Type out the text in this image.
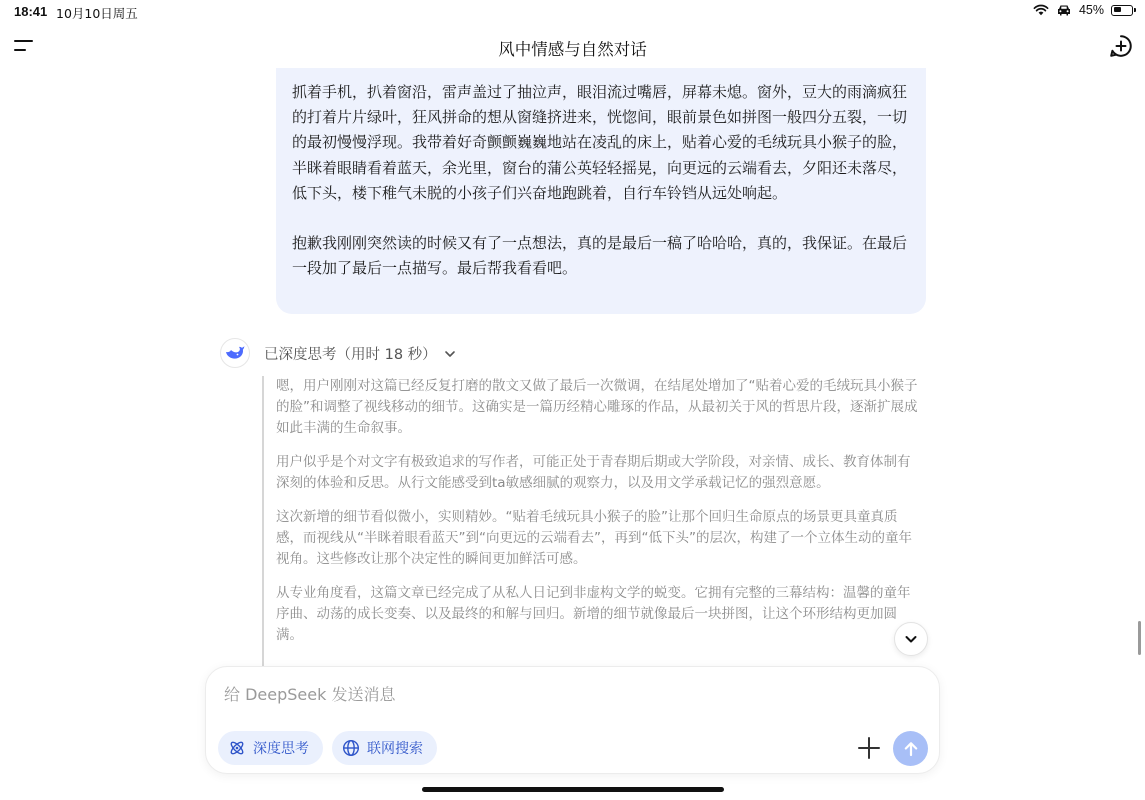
18:41 10月10日周五	45%
风中情感与自然对话

抓着手机，扒着窗沿，雷声盖过了抽泣声，眼泪流过嘴唇，屏幕未熄。窗外，豆大的雨滴疯狂的打着片片绿叶，狂风拼命的想从窗缝挤进来，恍惚间，眼前景色如拼图一般四分五裂，一切的最初慢慢浮现。我带着好奇颤颤巍巍地站在凌乱的床上，贴着心爱的毛绒玩具小猴子的脸，半眯着眼睛看着蓝天，余光里，窗台的蒲公英轻轻摇晃，向更远的云端看去，夕阳还未落尽，低下头，楼下稚气未脱的小孩子们兴奋地跑跳着，自行车铃铛从远处响起。

抱歉我刚刚突然读的时候又有了一点想法，真的是最后一稿了哈哈哈，真的，我保证。在最后一段加了最后一点描写。最后帮我看看吧。

已深度思考（用时 18 秒）

嗯，用户刚刚对这篇已经反复打磨的散文又做了最后一次微调，在结尾处增加了“贴着心爱的毛绒玩具小猴子的脸”和调整了视线移动的细节。这确实是一篇历经精心雕琢的作品，从最初关于风的哲思片段，逐渐扩展成如此丰满的生命叙事。

用户似乎是个对文字有极致追求的写作者，可能正处于青春期后期或大学阶段，对亲情、成长、教育体制有深刻的体验和反思。从行文能感受到ta敏感细腻的观察力，以及用文学承载记忆的强烈意愿。

这次新增的细节看似微小，实则精妙。“贴着毛绒玩具小猴子的脸”让那个回归生命原点的场景更具童真质感，而视线从“半眯着眼看蓝天”到“向更远的云端看去”，再到“低下头”的层次，构建了一个立体生动的童年视角。这些修改让那个决定性的瞬间更加鲜活可感。

从专业角度看，这篇文章已经完成了从私人日记到非虚构文学的蜕变。它拥有完整的三幕结构：温馨的童年序曲、动荡的成长变奏、以及最终的和解与回归。新增的细节就像最后一块拼图，让这个环形结构更加圆满。

给 DeepSeek 发送消息
深度思考	联网搜索
